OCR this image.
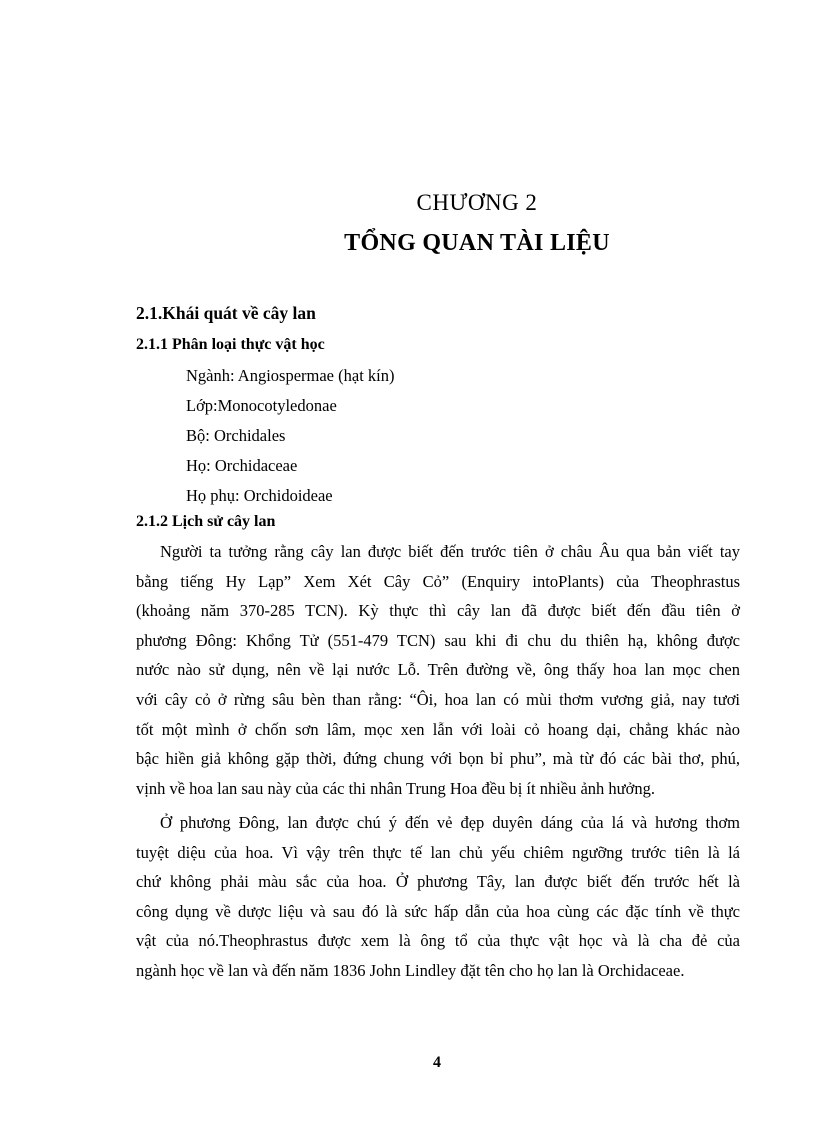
CHƯƠNG 2
TỔNG QUAN TÀI LIỆU
2.1.Khái quát về cây lan
2.1.1 Phân loại thực vật học
Ngành: Angiospermae (hạt kín)
Lớp:Monocotyledonae
Bộ: Orchidales
Họ: Orchidaceae
Họ phụ: Orchidoideae
2.1.2 Lịch sử cây lan
Người ta tưởng rằng cây lan được biết đến trước tiên ở châu Âu qua bản viết tay
bằng tiếng Hy Lạp” Xem Xét Cây Cỏ” (Enquiry intoPlants) của Theophrastus
(khoảng năm 370-285 TCN). Kỳ thực thì cây lan đã được biết đến đầu tiên ở
phương Đông: Khổng Tử (551-479 TCN) sau khi đi chu du thiên hạ, không được
nước nào sử dụng, nên về lại nước Lỗ. Trên đường về, ông thấy hoa lan mọc chen
với cây cỏ ở rừng sâu bèn than rằng: “Ôi, hoa lan có mùi thơm vương giả, nay tươi
tốt một mình ở chốn sơn lâm, mọc xen lẫn với loài cỏ hoang dại, chẳng khác nào
bậc hiền giả không gặp thời, đứng chung với bọn bỉ phu”, mà từ đó các bài thơ, phú,
vịnh về hoa lan sau này của các thi nhân Trung Hoa đều bị ít nhiều ảnh hưởng.
Ở phương Đông, lan được chú ý đến vẻ đẹp duyên dáng của lá và hương thơm
tuyệt diệu của hoa. Vì vậy trên thực tế lan chủ yếu chiêm ngưỡng trước tiên là lá
chứ không phải màu sắc của hoa. Ở phương Tây, lan được biết đến trước hết là
công dụng về dược liệu và sau đó là sức hấp dẫn của hoa cùng các đặc tính về thực
vật của nó.Theophrastus được xem là ông tổ của thực vật học và là cha đẻ của
ngành học về lan và đến năm 1836 John Lindley đặt tên cho họ lan là Orchidaceae.
4
